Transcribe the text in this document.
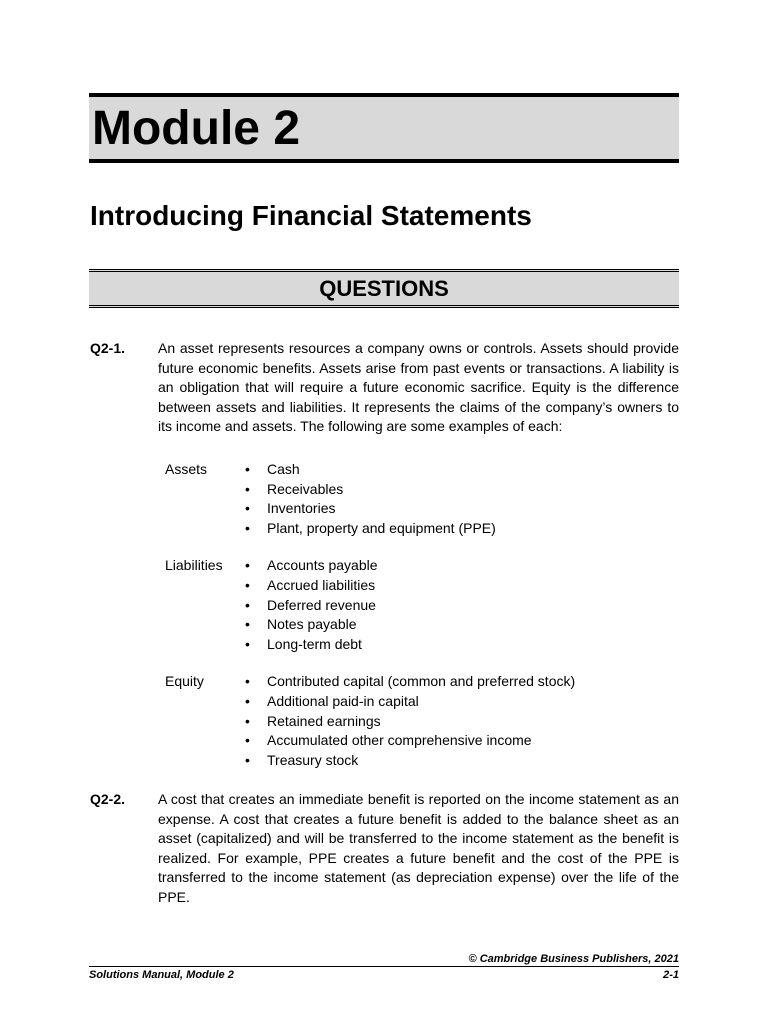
Module 2
Introducing Financial Statements
QUESTIONS
Q2-1. An asset represents resources a company owns or controls. Assets should provide future economic benefits. Assets arise from past events or transactions. A liability is an obligation that will require a future economic sacrifice. Equity is the difference between assets and liabilities. It represents the claims of the company’s owners to its income and assets. The following are some examples of each:

Assets	• Cash
• Receivables
• Inventories
• Plant, property and equipment (PPE)
Liabilities	• Accounts payable
• Accrued liabilities
• Deferred revenue
• Notes payable
• Long-term debt
Equity	• Contributed capital (common and preferred stock)
• Additional paid-in capital
• Retained earnings
• Accumulated other comprehensive income
• Treasury stock
Q2-2. A cost that creates an immediate benefit is reported on the income statement as an expense. A cost that creates a future benefit is added to the balance sheet as an asset (capitalized) and will be transferred to the income statement as the benefit is realized. For example, PPE creates a future benefit and the cost of the PPE is transferred to the income statement (as depreciation expense) over the life of the PPE.

© Cambridge Business Publishers, 2021
Solutions Manual, Module 2	2-1
